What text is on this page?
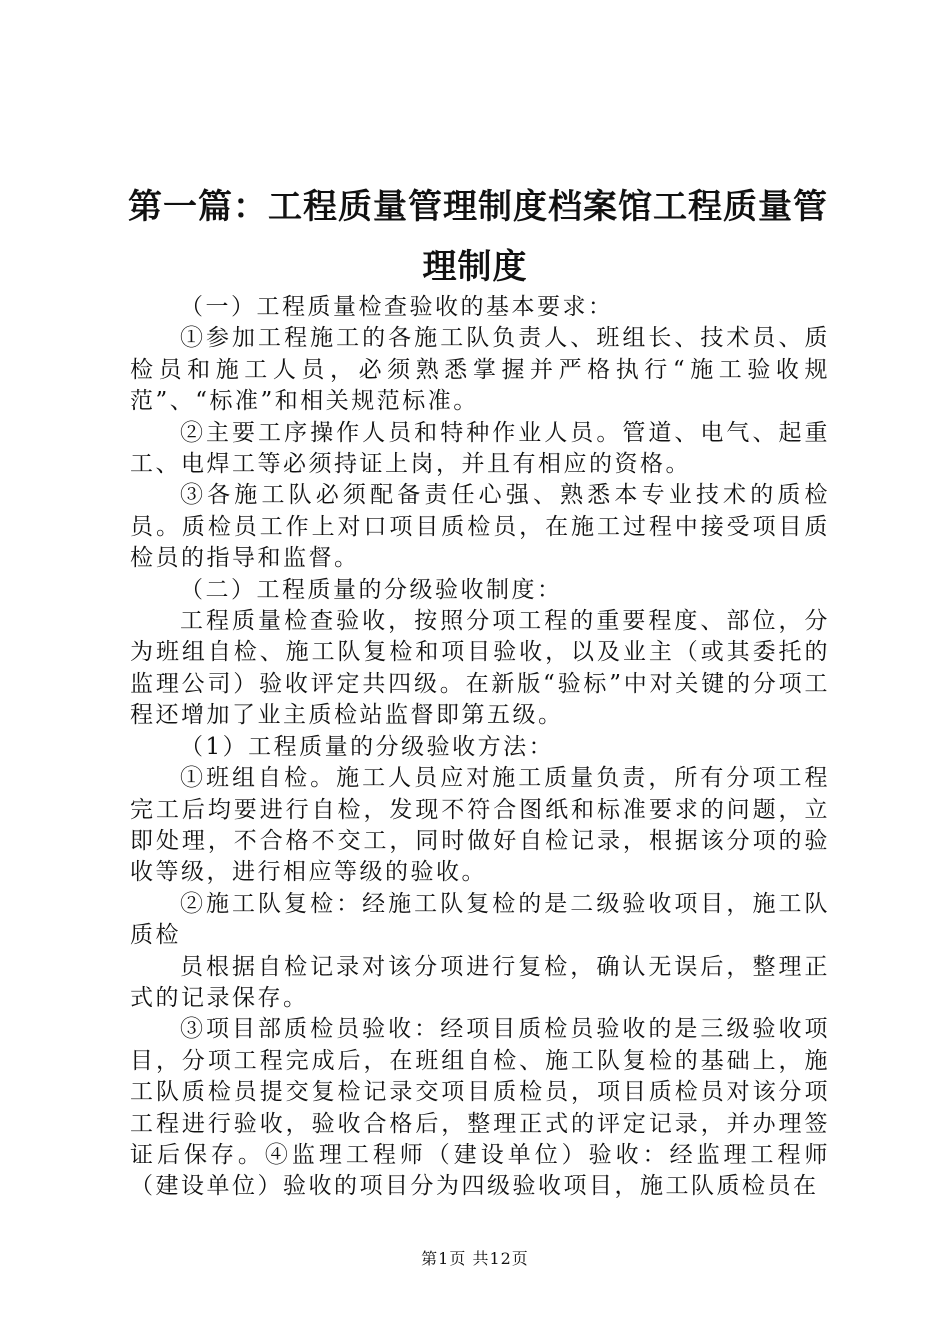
第一篇：工程质量管理制度档案馆工程质量管
理制度

（一）工程质量检查验收的基本要求：

①参加工程施工的各施工队负责人、班组长、技术员、质检员和施工人员，必须熟悉掌握并严格执行“施工验收规范”、“标准”和相关规范标准。

②主要工序操作人员和特种作业人员。管道、电气、起重工、电焊工等必须持证上岗，并且有相应的资格。

③各施工队必须配备责任心强、熟悉本专业技术的质检员。质检员工作上对口项目质检员，在施工过程中接受项目质检员的指导和监督。

（二）工程质量的分级验收制度：

工程质量检查验收，按照分项工程的重要程度、部位，分为班组自检、施工队复检和项目验收，以及业主（或其委托的监理公司）验收评定共四级。在新版“验标”中对关键的分项工程还增加了业主质检站监督即第五级。

（1）工程质量的分级验收方法：

①班组自检。施工人员应对施工质量负责，所有分项工程完工后均要进行自检，发现不符合图纸和标准要求的问题，立即处理，不合格不交工，同时做好自检记录，根据该分项的验收等级，进行相应等级的验收。

②施工队复检：经施工队复检的是二级验收项目，施工队质检

员根据自检记录对该分项进行复检，确认无误后，整理正式的记录保存。

③项目部质检员验收：经项目质检员验收的是三级验收项目，分项工程完成后，在班组自检、施工队复检的基础上，施工队质检员提交复检记录交项目质检员，项目质检员对该分项工程进行验收，验收合格后，整理正式的评定记录，并办理签证后保存。④监理工程师（建设单位）验收：经监理工程师（建设单位）验收的项目分为四级验收项目，施工队质检员在

第1页 共12页
